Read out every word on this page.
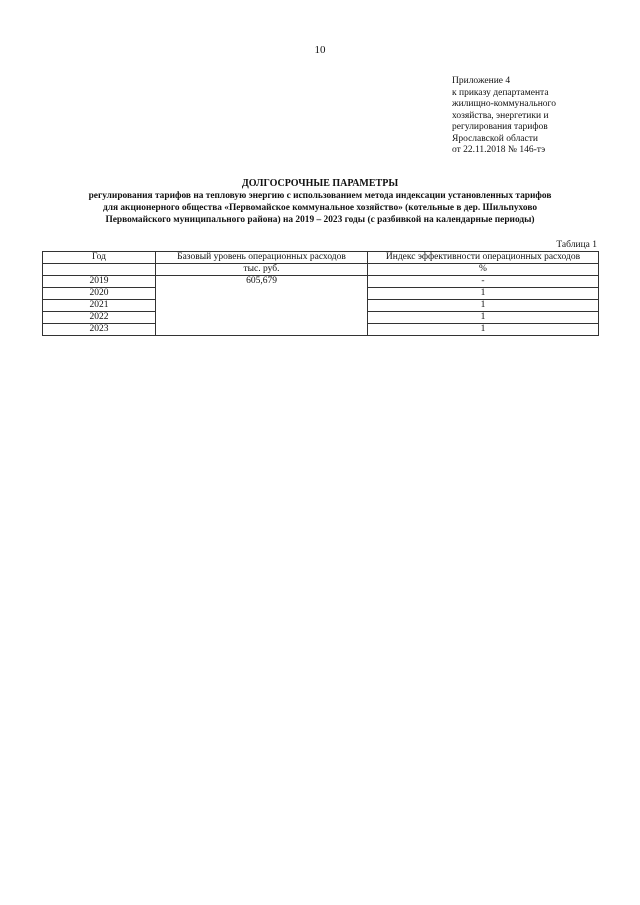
10
Приложение 4
к приказу департамента
жилищно-коммунального
хозяйства, энергетики и
регулирования тарифов
Ярославской области
от 22.11.2018 № 146-тэ
ДОЛГОСРОЧНЫЕ ПАРАМЕТРЫ
регулирования тарифов на тепловую энергию с использованием метода индексации установленных тарифов
для акционерного общества «Первомайское коммунальное хозяйство» (котельные в дер. Шильпухово
Первомайского муниципального района) на 2019 – 2023 годы (с разбивкой на календарные периоды)
Таблица 1
Год	Базовый уровень операционных расходов	Индекс эффективности операционных расходов
	тыс. руб.	%
2019	605,679	-
2020		1
2021		1
2022		1
2023		1
